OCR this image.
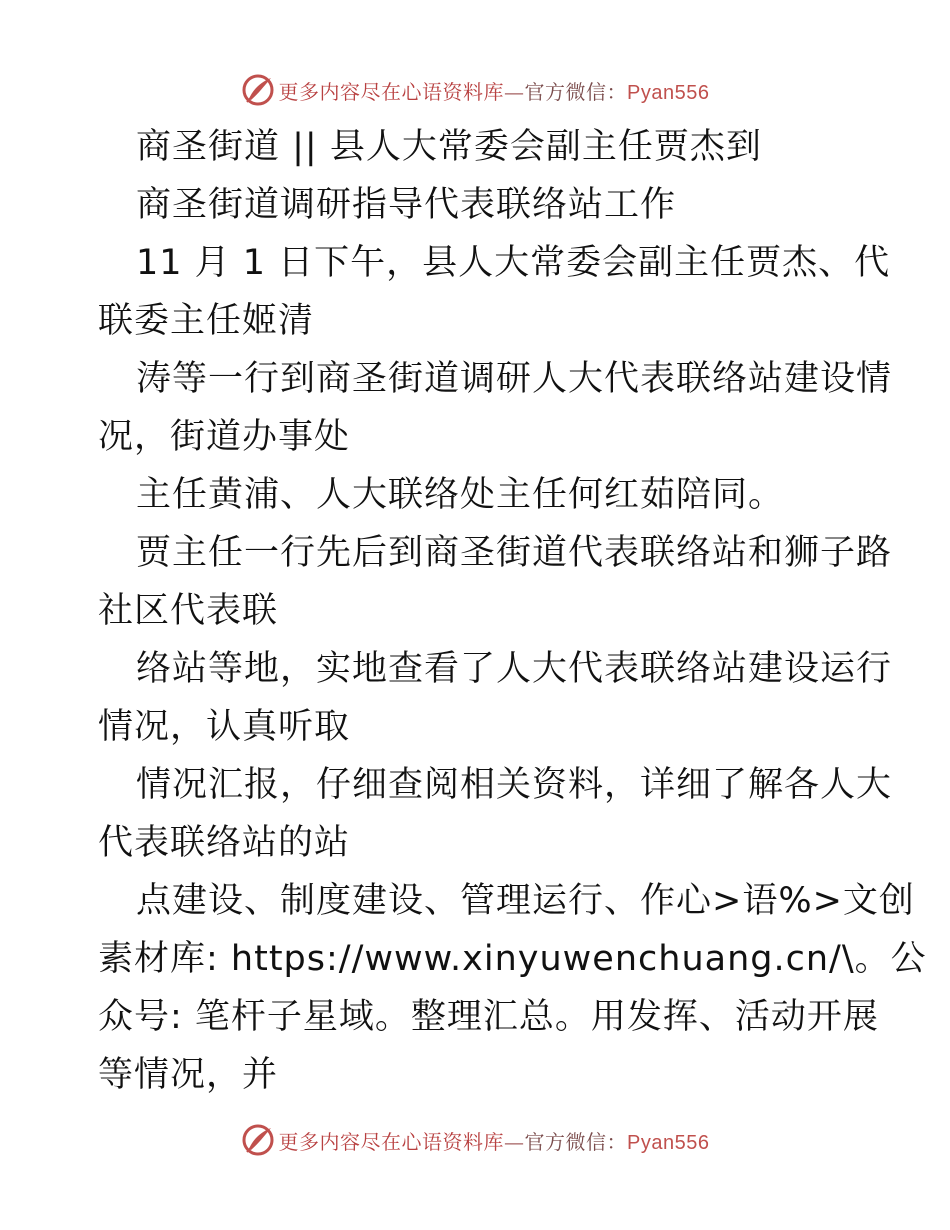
更多内容尽在心语资料库—官方微信：Pyan556
商圣街道 || 县人大常委会副主任贾杰到
商圣街道调研指导代表联络站工作
11 月 1 日下午，县人大常委会副主任贾杰、代
联委主任姬清
涛等一行到商圣街道调研人大代表联络站建设情
况，街道办事处
主任黄浦、人大联络处主任何红茹陪同。
贾主任一行先后到商圣街道代表联络站和狮子路
社区代表联
络站等地，实地查看了人大代表联络站建设运行
情况，认真听取
情况汇报，仔细查阅相关资料，详细了解各人大
代表联络站的站
点建设、制度建设、管理运行、作心>语%>文创
素材库: https://www.xinyuwenchuang.cn/\。公
众号: 笔杆子星域。整理汇总。用发挥、活动开展
等情况，并
更多内容尽在心语资料库—官方微信：Pyan556
